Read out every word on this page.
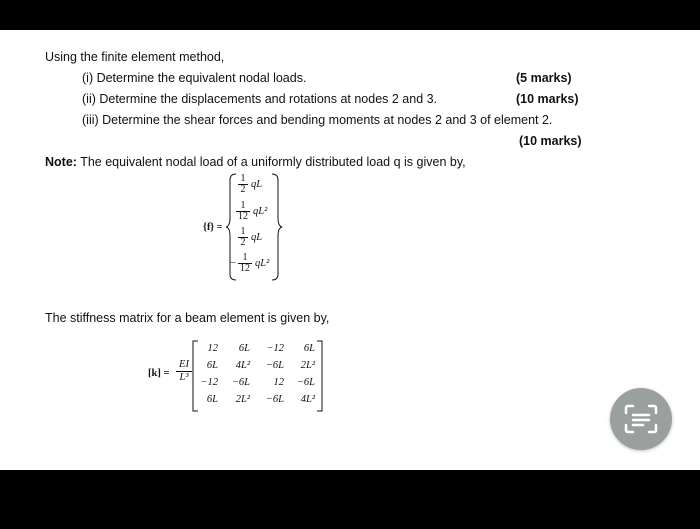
Using the finite element method,
(i) Determine the equivalent nodal loads.	(5 marks)
(ii) Determine the displacements and rotations at nodes 2 and 3.	(10 marks)
(iii) Determine the shear forces and bending moments at nodes 2 and 3 of element 2.
(10 marks)
Note: The equivalent nodal load of a uniformly distributed load q is given by,
{f} =
$\frac{1}{2}$ qL
$\frac{1}{12} qL^2$
$\frac{1}{2}$ qL
− $\frac{1}{12} qL^2$
The stiffness matrix for a beam element is given by,
$[k] = \frac{EI}{\text{L³}}$
12	6L	−12	6L
6L	4L²	−6L	2L²
−12	−6L	12	−6L
6L	2L²	−6L	4L²
